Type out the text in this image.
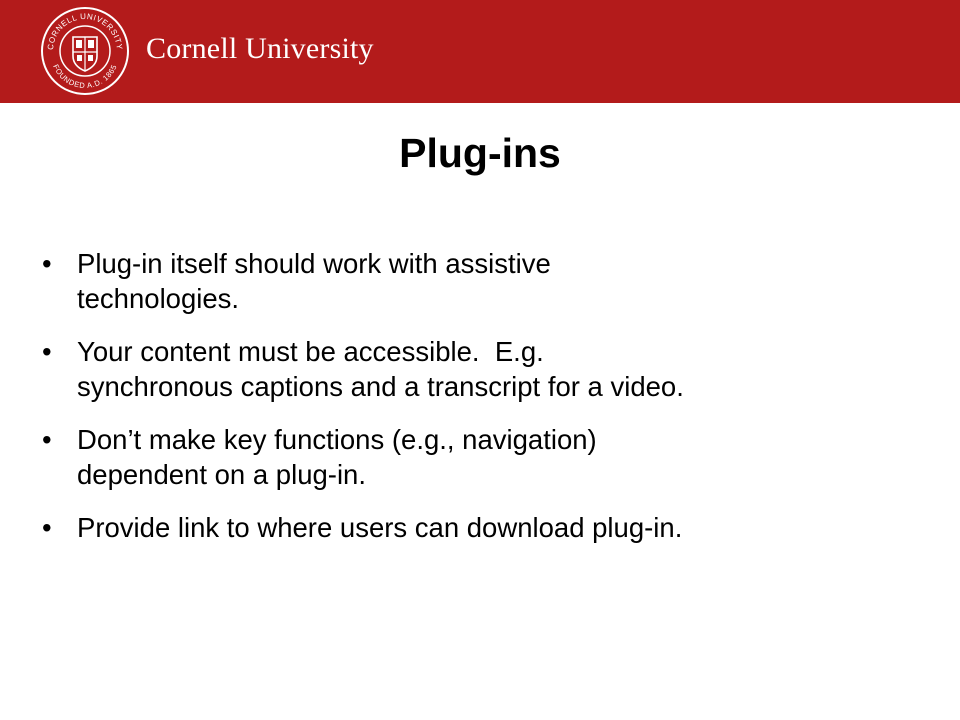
CORNELL UNIVERSITY
FOUNDED A.D. 1865
Cornell University
Plug-ins
• Plug-in itself should work with assistive
technologies.
• Your content must be accessible.  E.g.
synchronous captions and a transcript for a video.
• Don’t make key functions (e.g., navigation)
dependent on a plug-in.
• Provide link to where users can download plug-in.
